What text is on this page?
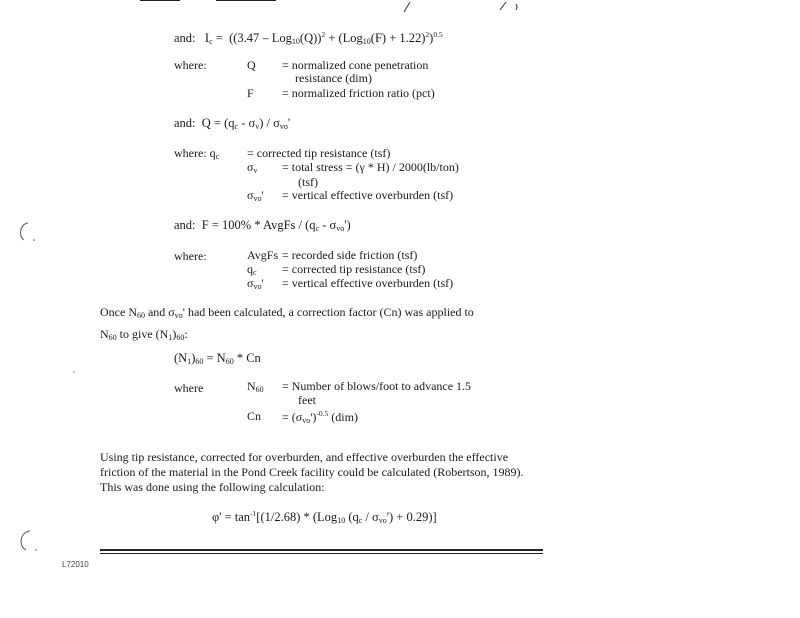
and: $I_c = ((3.47 - Log_{10}(Q))^2 + (Log_{10}(F) + 1.22)^2)^{0.5}$
where:	Q = normalized cone penetration
resistance (dim)
F = normalized friction ratio (pct)
and: $Q = (q_c - \sigma_v) / \sigma_{vo}'$
where: $q_c$ = corrected tip resistance (tsf)
$\sigma_v$ = total stress = (γ * H) / 2000(lb/ton)
(tsf)
$\sigma_{vo}'$ = vertical effective overburden (tsf)
and: F = 100% * AvgFs / $(q_c - \sigma_{vo}')$
where:	AvgFs = recorded side friction (tsf)
$q_c$ = corrected tip resistance (tsf)
$\sigma_{vo}'$ = vertical effective overburden (tsf)
Once $N_{60}$ and $\sigma_{vo}'$ had been calculated, a correction factor (Cn) was applied to
$N_{60}$ to give $(N_1)_{60}$:
$(N_1)_{60} = N_{60} * Cn$
where	$N_{60}$ = Number of blows/foot to advance 1.5
feet
$Cn = (\sigma_{vo}')^{-0.5}$ (dim)
Using tip resistance, corrected for overburden, and effective overburden the effective
friction of the material in the Pond Creek facility could be calculated (Robertson, 1989).
This was done using the following calculation:
$\varphi' = \tan^{-1}[(1/2.68) * (Log_{10}$ $(q_c / \sigma_{vo}') + 0.29$)]
L72010
